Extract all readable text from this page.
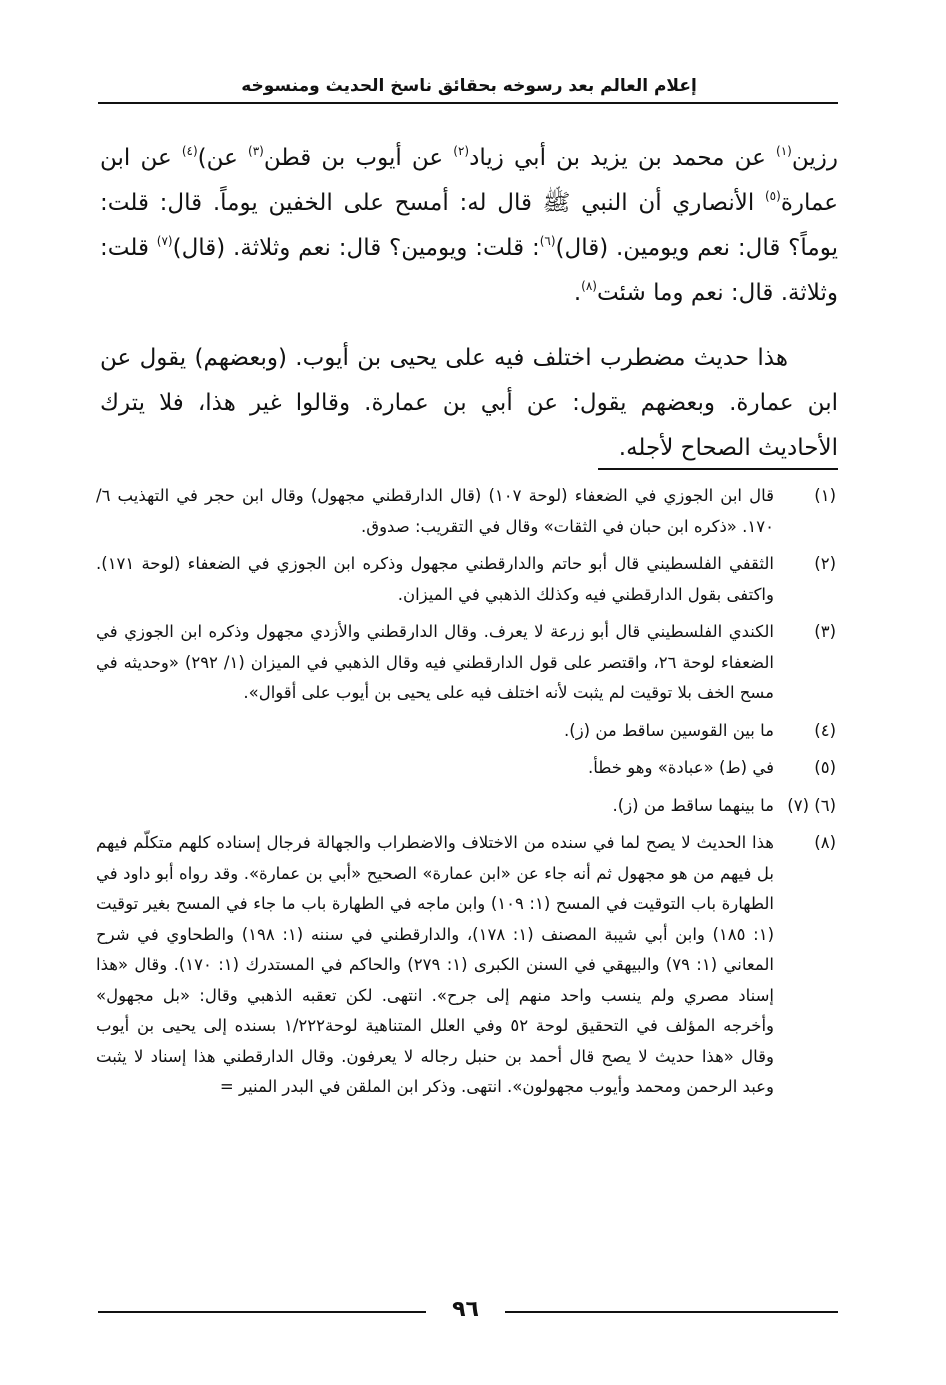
إعلام العالم بعد رسوخه بحقائق ناسخ الحديث ومنسوخه

رزين$^{(١)}$ عن محمد بن يزيد بن أبي زياد$^{(٢)}$ عن أيوب بن قطن$^{(٣)}$ عن)$^{(٤)}$ عن ابن عمارة$^{(٥)}$ الأنصاري أن النبي ﷺ قال له: أمسح على الخفين يوماً. قال: قلت: يوماً؟ قال: نعم ويومين. (قال)$^{(٦)}$: قلت: ويومين؟ قال: نعم وثلاثة. (قال)$^{(٧)}$ قلت: وثلاثة. قال: نعم وما شئت$^{(٨)}$.

هذا حديث مضطرب اختلف فيه على يحيى بن أيوب. (وبعضهم) يقول عن ابن عمارة. وبعضهم يقول: عن أبي بن عمارة. وقالوا غير هذا، فلا يترك الأحاديث الصحاح لأجله.

(١)
قال ابن الجوزي في الضعفاء (لوحة ١٠٧) (قال الدارقطني مجهول) وقال ابن حجر في التهذيب ٦/ ١٧٠. «ذكره ابن حبان في الثقات» وقال في التقريب: صدوق.
(٢)
الثقفي الفلسطيني قال أبو حاتم والدارقطني مجهول وذكره ابن الجوزي في الضعفاء (لوحة ١٧١). واكتفى بقول الدارقطني فيه وكذلك الذهبي في الميزان.
(٣)
الكندي الفلسطيني قال أبو زرعة لا يعرف. وقال الدارقطني والأزدي مجهول وذكره ابن الجوزي في الضعفاء لوحة ٢٦، واقتصر على قول الدارقطني فيه وقال الذهبي في الميزان (١/ ٢٩٢) «وحديثه في مسح الخف بلا توقيت لم يثبت لأنه اختلف فيه على يحيى بن أيوب على أقوال».
(٤)
ما بين القوسين ساقط من (ز).
(٥)
في (ط) «عبادة» وهو خطأ.
(٦) (٧)
ما بينهما ساقط من (ز).
(٨)
هذا الحديث لا يصح لما في سنده من الاختلاف والاضطراب والجهالة فرجال إسناده كلهم متكلّم فيهم بل فيهم من هو مجهول ثم أنه جاء عن «ابن عمارة» الصحيح «أبي بن عمارة». وقد رواه أبو داود في الطهارة باب التوقيت في المسح (١: ١٠٩) وابن ماجه في الطهارة باب ما جاء في المسح بغير توقيت (١: ١٨٥) وابن أبي شيبة المصنف (١: ١٧٨)، والدارقطني في سننه (١: ١٩٨) والطحاوي في شرح المعاني (١: ٧٩) والبيهقي في السنن الكبرى (١: ٢٧٩) والحاكم في المستدرك (١: ١٧٠). وقال «هذا إسناد مصري ولم ينسب واحد منهم إلى جرح». انتهى. لكن تعقبه الذهبي وقال: «بل مجهول» وأخرجه المؤلف في التحقيق لوحة ٥٢ وفي العلل المتناهية لوحة١/٢٢٢ بسنده إلى يحيى بن أيوب وقال «هذا حديث لا يصح قال أحمد بن حنبل رجاله لا يعرفون. وقال الدارقطني هذا إسناد لا يثبت وعبد الرحمن ومحمد وأيوب مجهولون». انتهى. وذكر ابن الملقن في البدر المنير =
٩٦
